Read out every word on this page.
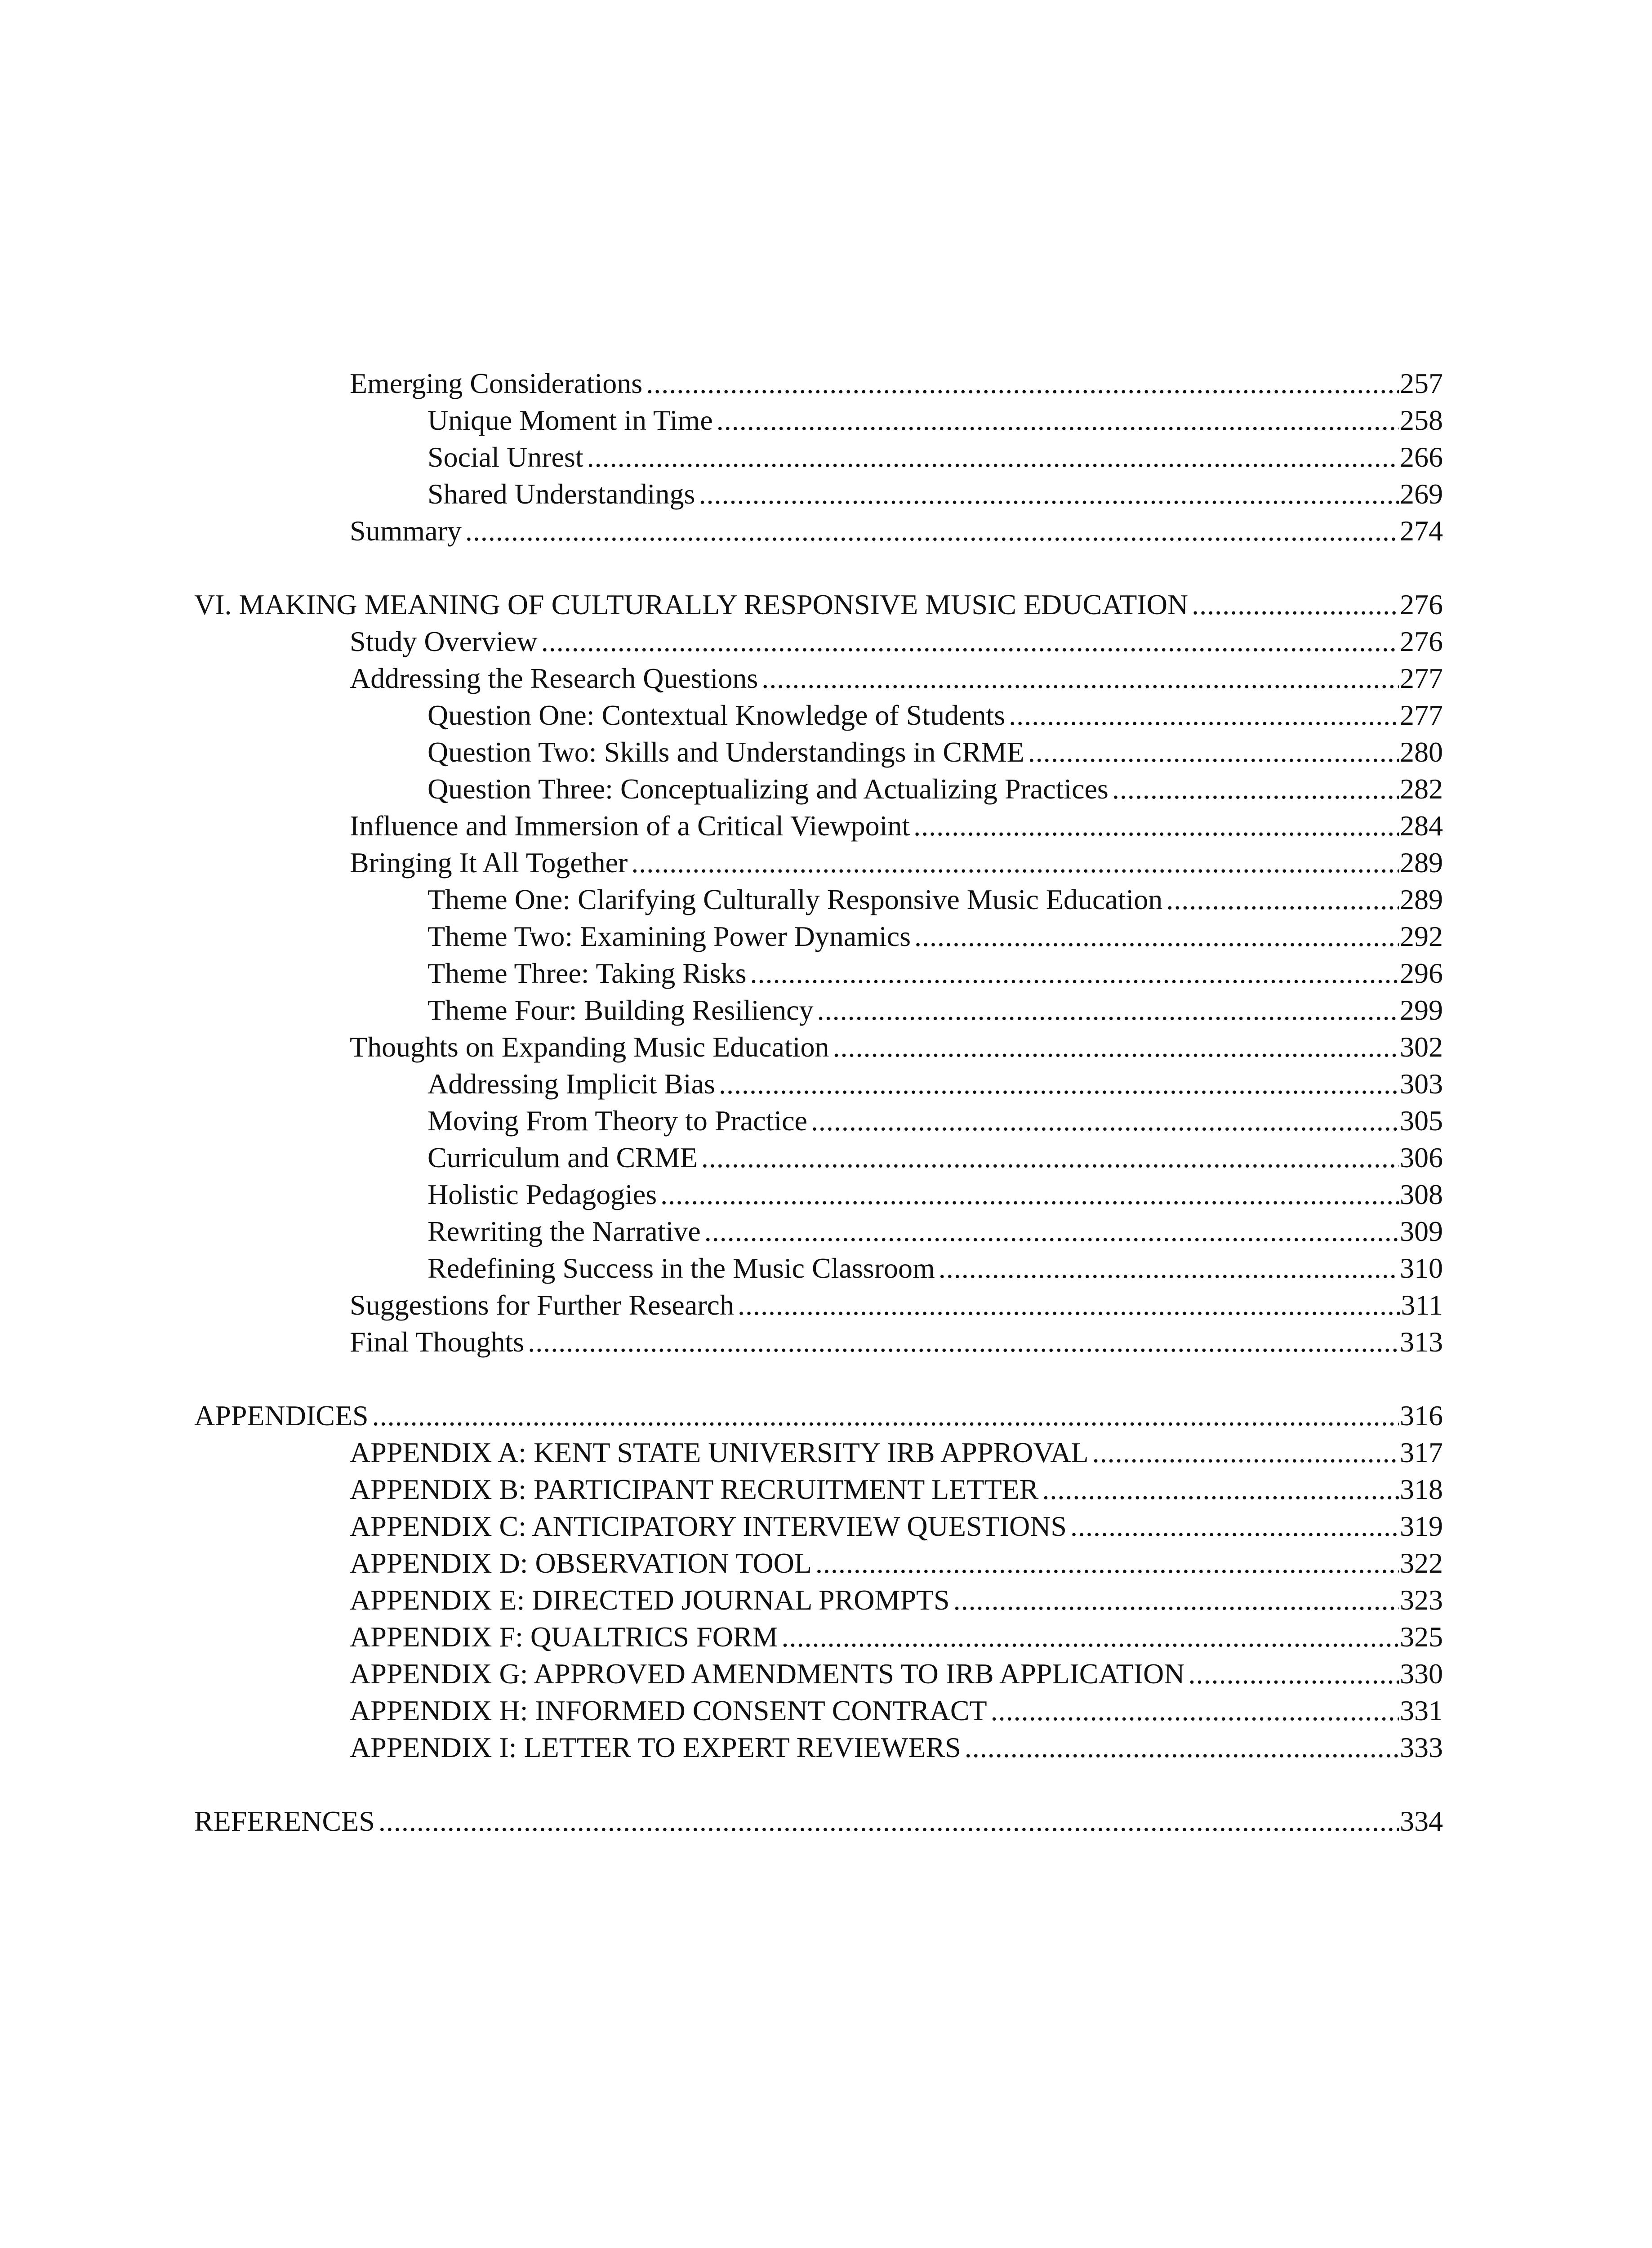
Emerging Considerations .....	257
Unique Moment in Time .....	258
Social Unrest .....	266
Shared Understandings .....	269
Summary .....	274
VI. MAKING MEANING OF CULTURALLY RESPONSIVE MUSIC EDUCATION .....	276
Study Overview .....	276
Addressing the Research Questions .....	277
Question One: Contextual Knowledge of Students .....	277
Question Two: Skills and Understandings in CRME .....	280
Question Three: Conceptualizing and Actualizing Practices .....	282
Influence and Immersion of a Critical Viewpoint .....	284
Bringing It All Together .....	289
Theme One: Clarifying Culturally Responsive Music Education .....	289
Theme Two: Examining Power Dynamics .....	292
Theme Three: Taking Risks .....	296
Theme Four: Building Resiliency .....	299
Thoughts on Expanding Music Education .....	302
Addressing Implicit Bias .....	303
Moving From Theory to Practice .....	305
Curriculum and CRME .....	306
Holistic Pedagogies .....	308
Rewriting the Narrative .....	309
Redefining Success in the Music Classroom .....	310
Suggestions for Further Research .....	311
Final Thoughts .....	313
APPENDICES .....	316
APPENDIX A: KENT STATE UNIVERSITY IRB APPROVAL .....	317
APPENDIX B: PARTICIPANT RECRUITMENT LETTER .....	318
APPENDIX C: ANTICIPATORY INTERVIEW QUESTIONS .....	319
APPENDIX D: OBSERVATION TOOL .....	322
APPENDIX E: DIRECTED JOURNAL PROMPTS .....	323
APPENDIX F: QUALTRICS FORM .....	325
APPENDIX G: APPROVED AMENDMENTS TO IRB APPLICATION .....	330
APPENDIX H: INFORMED CONSENT CONTRACT .....	331
APPENDIX I: LETTER TO EXPERT REVIEWERS .....	333
REFERENCES .....	334
